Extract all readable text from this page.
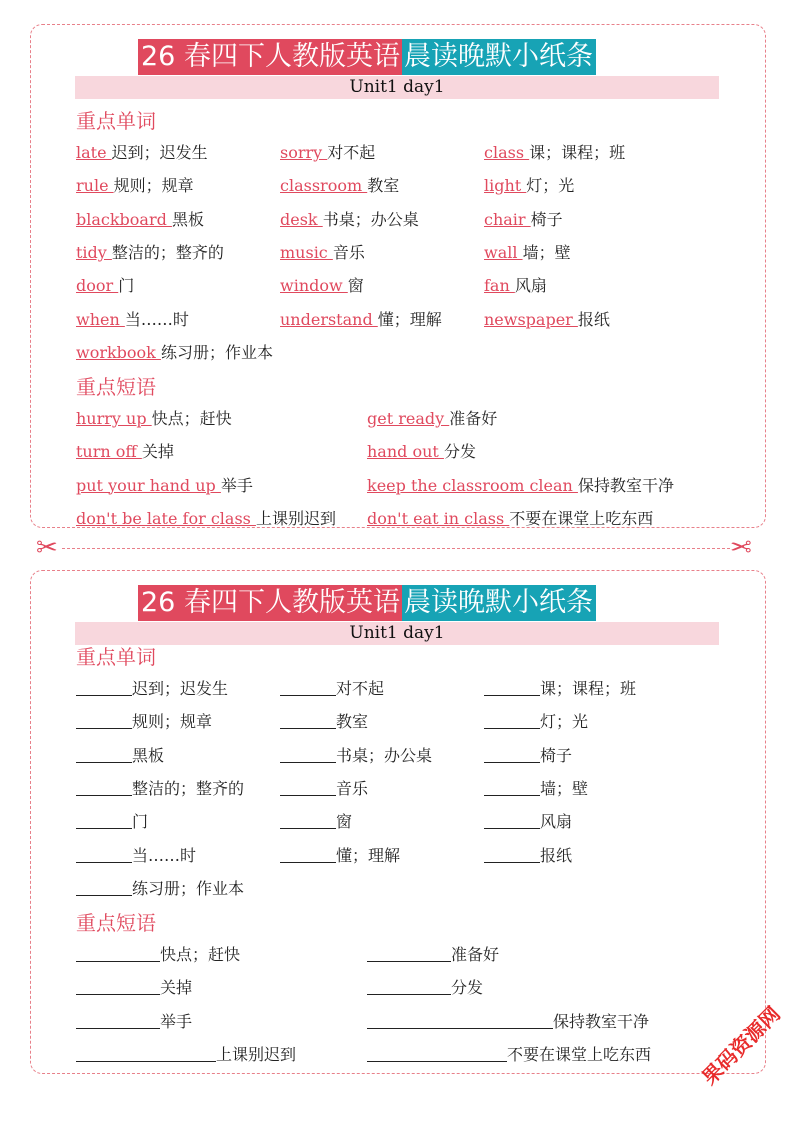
26 春四下人教版英语 晨读晚默小纸条
Unit1 day1
重点单词
late 迟到；迟发生	sorry 对不起	class 课；课程；班
rule 规则；规章	classroom 教室	light 灯；光
blackboard 黑板	desk 书桌；办公桌	chair 椅子
tidy 整洁的；整齐的	music 音乐	wall 墙；壁
door 门	window 窗	fan 风扇
when 当……时	understand 懂；理解	newspaper 报纸
workbook 练习册；作业本
重点短语
hurry up 快点；赶快	get ready 准备好
turn off 关掉	hand out 分发
put your hand up 举手	keep the classroom clean 保持教室干净
don't be late for class 上课别迟到 don't eat in class 不要在课堂上吃东西
✂	✂
26 春四下人教版英语 晨读晚默小纸条
Unit1 day1
重点单词
迟到；迟发生	对不起	课；课程；班
规则；规章	教室	灯；光
黑板	书桌；办公桌	椅子
整洁的；整齐的	音乐	墙；壁
门	窗	风扇
当……时	懂；理解	报纸
练习册；作业本
重点短语
快点；赶快	准备好
关掉	分发
举手	保持教室干净
上课别迟到	不要在课堂上吃东西 果码资源网
